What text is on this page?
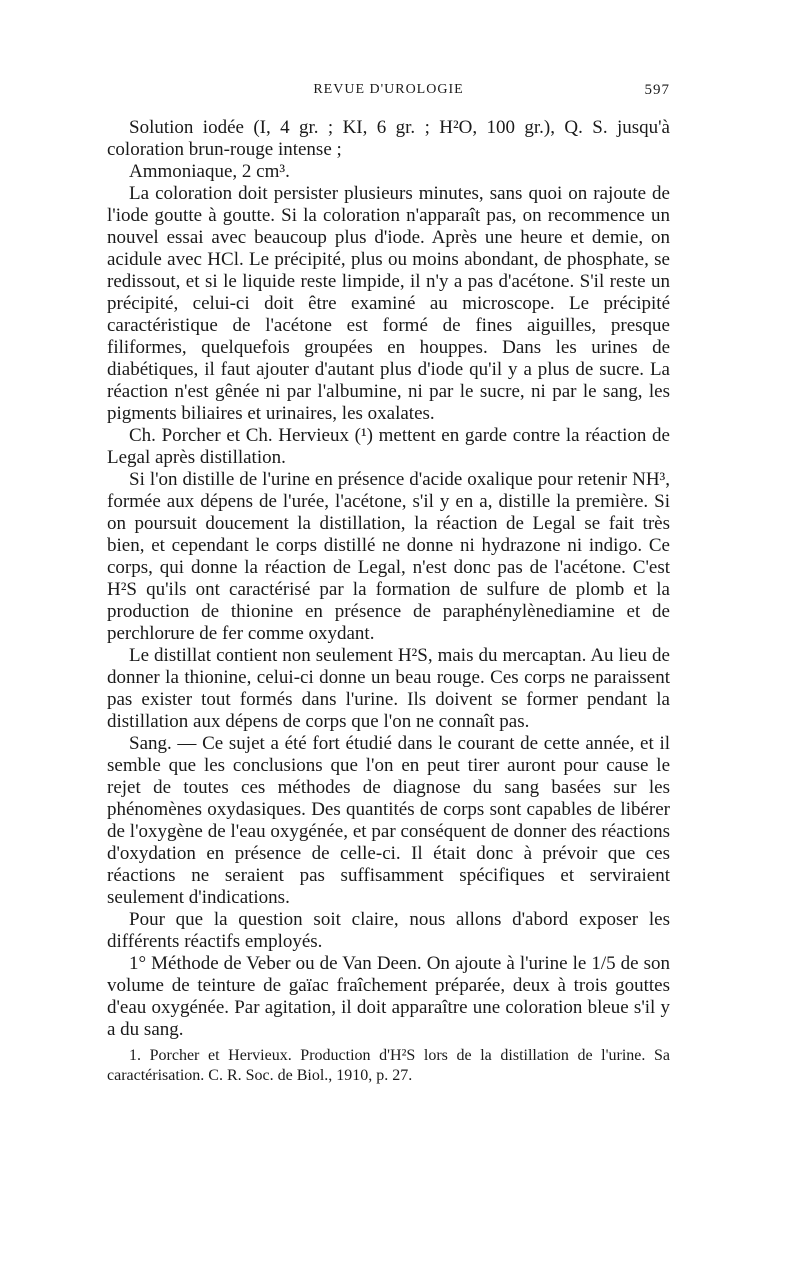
REVUE D'UROLOGIE	597

Solution iodée (I, 4 gr. ; KI, 6 gr. ; H²O, 100 gr.), Q. S. jusqu'à coloration brun-rouge intense ;

Ammoniaque, 2 cm³.

La coloration doit persister plusieurs minutes, sans quoi on rajoute de l'iode goutte à goutte. Si la coloration n'apparaît pas, on recommence un nouvel essai avec beaucoup plus d'iode. Après une heure et demie, on acidule avec HCl. Le précipité, plus ou moins abondant, de phosphate, se redissout, et si le liquide reste limpide, il n'y a pas d'acétone. S'il reste un précipité, celui-ci doit être examiné au microscope. Le précipité caractéristique de l'acétone est formé de fines aiguilles, presque filiformes, quelquefois groupées en houppes. Dans les urines de diabétiques, il faut ajouter d'autant plus d'iode qu'il y a plus de sucre. La réaction n'est gênée ni par l'albumine, ni par le sucre, ni par le sang, les pigments biliaires et urinaires, les oxalates.

Ch. Porcher et Ch. Hervieux (¹) mettent en garde contre la réaction de Legal après distillation.

Si l'on distille de l'urine en présence d'acide oxalique pour retenir NH³, formée aux dépens de l'urée, l'acétone, s'il y en a, distille la première. Si on poursuit doucement la distillation, la réaction de Legal se fait très bien, et cependant le corps distillé ne donne ni hydrazone ni indigo. Ce corps, qui donne la réaction de Legal, n'est donc pas de l'acétone. C'est H²S qu'ils ont caractérisé par la formation de sulfure de plomb et la production de thionine en présence de paraphénylènediamine et de perchlorure de fer comme oxydant.

Le distillat contient non seulement H²S, mais du mercaptan. Au lieu de donner la thionine, celui-ci donne un beau rouge. Ces corps ne paraissent pas exister tout formés dans l'urine. Ils doivent se former pendant la distillation aux dépens de corps que l'on ne connaît pas.

Sang. — Ce sujet a été fort étudié dans le courant de cette année, et il semble que les conclusions que l'on en peut tirer auront pour cause le rejet de toutes ces méthodes de diagnose du sang basées sur les phénomènes oxydasiques. Des quantités de corps sont capables de libérer de l'oxygène de l'eau oxygénée, et par conséquent de donner des réactions d'oxydation en présence de celle-ci. Il était donc à prévoir que ces réactions ne seraient pas suffisamment spécifiques et serviraient seulement d'indications.

Pour que la question soit claire, nous allons d'abord exposer les différents réactifs employés.

1° Méthode de Veber ou de Van Deen. On ajoute à l'urine le 1/5 de son volume de teinture de gaïac fraîchement préparée, deux à trois gouttes d'eau oxygénée. Par agitation, il doit apparaître une coloration bleue s'il y a du sang.

1. Porcher et Hervieux. Production d'H²S lors de la distillation de l'urine. Sa caractérisation. C. R. Soc. de Biol., 1910, p. 27.
